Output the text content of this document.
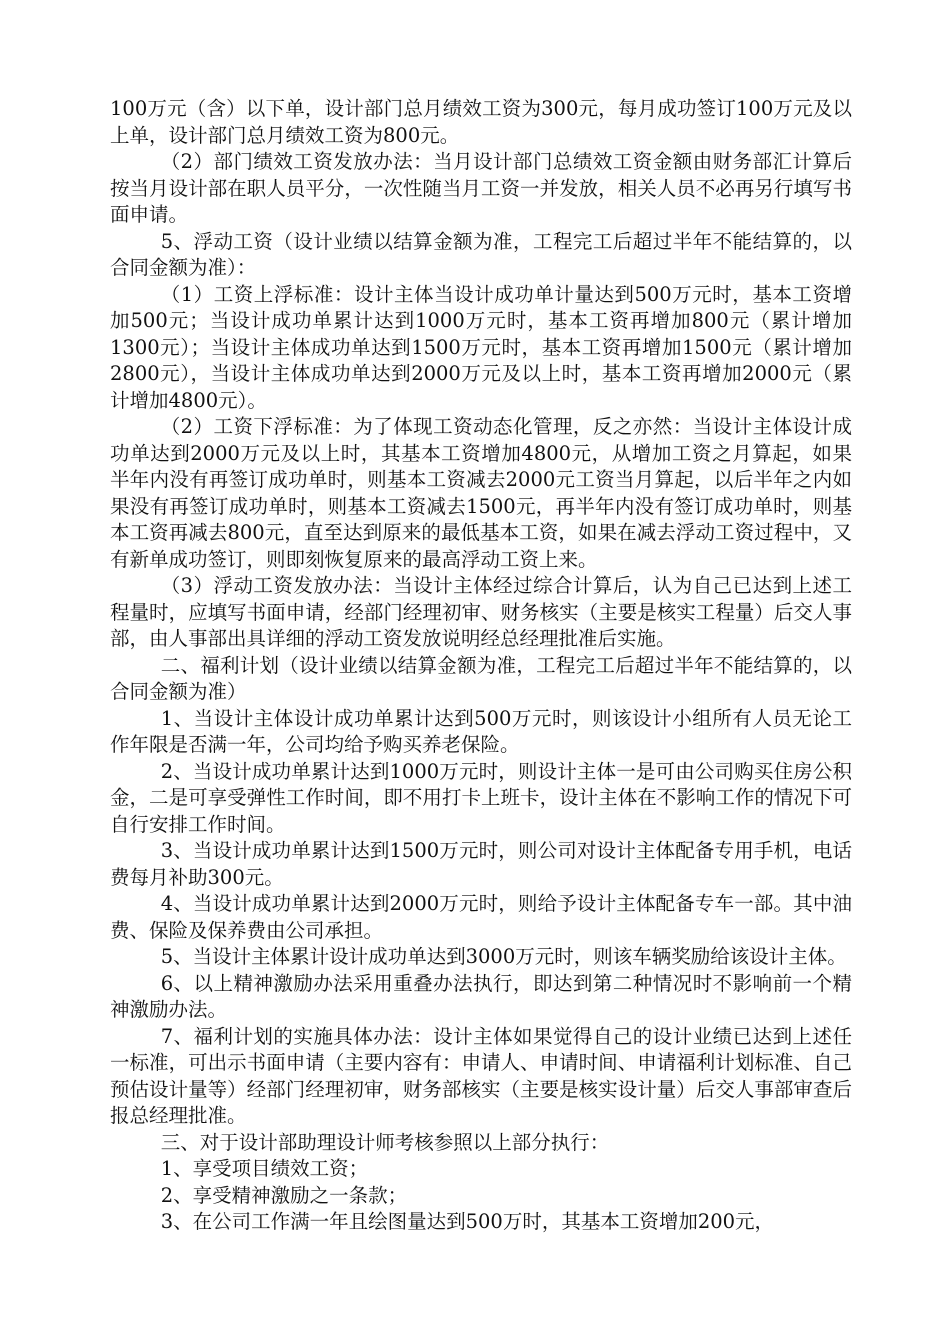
100万元（含）以下单，设计部门总月绩效工资为300元，每月成功签订100万元及以上单，设计部门总月绩效工资为800元。

（2）部门绩效工资发放办法：当月设计部门总绩效工资金额由财务部汇计算后按当月设计部在职人员平分，一次性随当月工资一并发放，相关人员不必再另行填写书面申请。

5、浮动工资（设计业绩以结算金额为准，工程完工后超过半年不能结算的，以合同金额为准）：

（1）工资上浮标准：设计主体当设计成功单计量达到500万元时，基本工资增加500元；当设计成功单累计达到1000万元时，基本工资再增加800元（累计增加1300元）；当设计主体成功单达到1500万元时，基本工资再增加1500元（累计增加2800元），当设计主体成功单达到2000万元及以上时，基本工资再增加2000元（累计增加4800元）。

（2）工资下浮标准：为了体现工资动态化管理，反之亦然：当设计主体设计成功单达到2000万元及以上时，其基本工资增加4800元，从增加工资之月算起，如果半年内没有再签订成功单时，则基本工资减去2000元工资当月算起，以后半年之内如果没有再签订成功单时，则基本工资减去1500元，再半年内没有签订成功单时，则基本工资再减去800元，直至达到原来的最低基本工资，如果在减去浮动工资过程中，又有新单成功签订，则即刻恢复原来的最高浮动工资上来。

（3）浮动工资发放办法：当设计主体经过综合计算后，认为自己已达到上述工程量时，应填写书面申请，经部门经理初审、财务核实（主要是核实工程量）后交人事部，由人事部出具详细的浮动工资发放说明经总经理批准后实施。

二、福利计划（设计业绩以结算金额为准，工程完工后超过半年不能结算的，以合同金额为准）

1、当设计主体设计成功单累计达到500万元时，则该设计小组所有人员无论工作年限是否满一年，公司均给予购买养老保险。

2、当设计成功单累计达到1000万元时，则设计主体一是可由公司购买住房公积金，二是可享受弹性工作时间，即不用打卡上班卡，设计主体在不影响工作的情况下可自行安排工作时间。

3、当设计成功单累计达到1500万元时，则公司对设计主体配备专用手机，电话费每月补助300元。

4、当设计成功单累计达到2000万元时，则给予设计主体配备专车一部。其中油费、保险及保养费由公司承担。

5、当设计主体累计设计成功单达到3000万元时，则该车辆奖励给该设计主体。

6、以上精神激励办法采用重叠办法执行，即达到第二种情况时不影响前一个精神激励办法。

7、福利计划的实施具体办法：设计主体如果觉得自己的设计业绩已达到上述任一标准，可出示书面申请（主要内容有：申请人、申请时间、申请福利计划标准、自己预估设计量等）经部门经理初审，财务部核实（主要是核实设计量）后交人事部审查后报总经理批准。

三、对于设计部助理设计师考核参照以上部分执行：

1、享受项目绩效工资；

2、享受精神激励之一条款；

3、在公司工作满一年且绘图量达到500万时，其基本工资增加200元，
